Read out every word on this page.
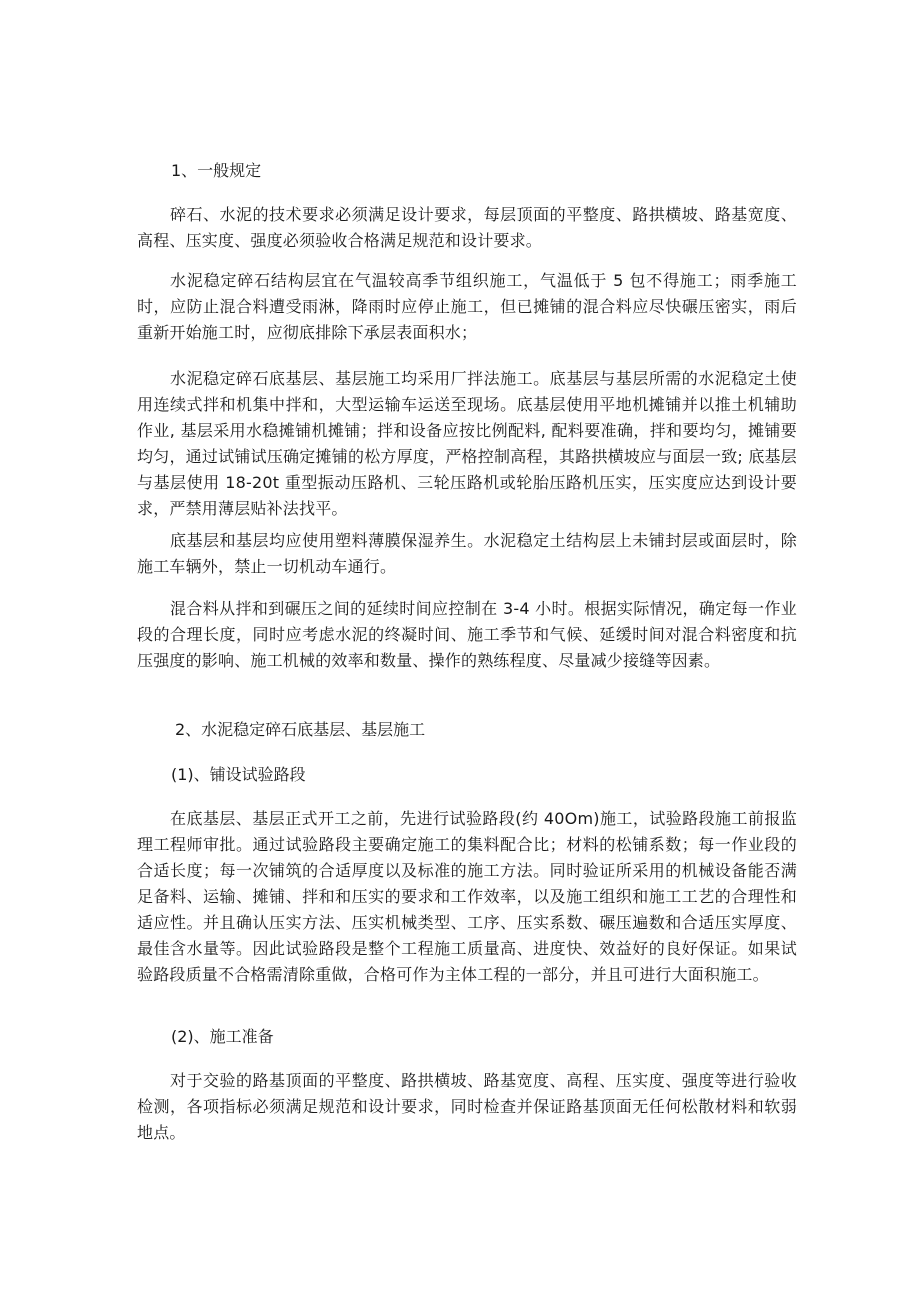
1、一般规定

碎石、水泥的技术要求必须满足设计要求，每层顶面的平整度、路拱横坡、路基宽度、高程、压实度、强度必须验收合格满足规范和设计要求。

水泥稳定碎石结构层宜在气温较高季节组织施工，气温低于 5 包不得施工；雨季施工时，应防止混合料遭受雨淋，降雨时应停止施工，但已摊铺的混合料应尽快碾压密实，雨后重新开始施工时，应彻底排除下承层表面积水；

水泥稳定碎石底基层、基层施工均采用厂拌法施工。底基层与基层所需的水泥稳定土使用连续式拌和机集中拌和，大型运输车运送至现场。底基层使用平地机摊铺并以推土机辅助作业, 基层采用水稳摊铺机摊铺；拌和设备应按比例配料, 配料要准确，拌和要均匀，摊铺要均匀，通过试铺试压确定摊铺的松方厚度，严格控制高程，其路拱横坡应与面层一致; 底基层与基层使用 18-20t 重型振动压路机、三轮压路机或轮胎压路机压实，压实度应达到设计要求，严禁用薄层贴补法找平。

底基层和基层均应使用塑料薄膜保湿养生。水泥稳定土结构层上未铺封层或面层时，除施工车辆外，禁止一切机动车通行。

混合料从拌和到碾压之间的延续时间应控制在 3-4 小时。根据实际情况，确定每一作业段的合理长度，同时应考虑水泥的终凝时间、施工季节和气候、延缓时间对混合料密度和抗压强度的影响、施工机械的效率和数量、操作的熟练程度、尽量减少接缝等因素。

2、水泥稳定碎石底基层、基层施工

(1)、铺设试验路段

在底基层、基层正式开工之前，先进行试验路段(约 40Om)施工，试验路段施工前报监理工程师审批。通过试验路段主要确定施工的集料配合比；材料的松铺系数；每一作业段的合适长度；每一次铺筑的合适厚度以及标准的施工方法。同时验证所采用的机械设备能否满足备料、运输、摊铺、拌和和压实的要求和工作效率，以及施工组织和施工工艺的合理性和适应性。并且确认压实方法、压实机械类型、工序、压实系数、碾压遍数和合适压实厚度、最佳含水量等。因此试验路段是整个工程施工质量高、进度快、效益好的良好保证。如果试验路段质量不合格需清除重做，合格可作为主体工程的一部分，并且可进行大面积施工。

(2)、施工准备

对于交验的路基顶面的平整度、路拱横坡、路基宽度、高程、压实度、强度等进行验收检测，各项指标必须满足规范和设计要求，同时检查并保证路基顶面无任何松散材料和软弱地点。
